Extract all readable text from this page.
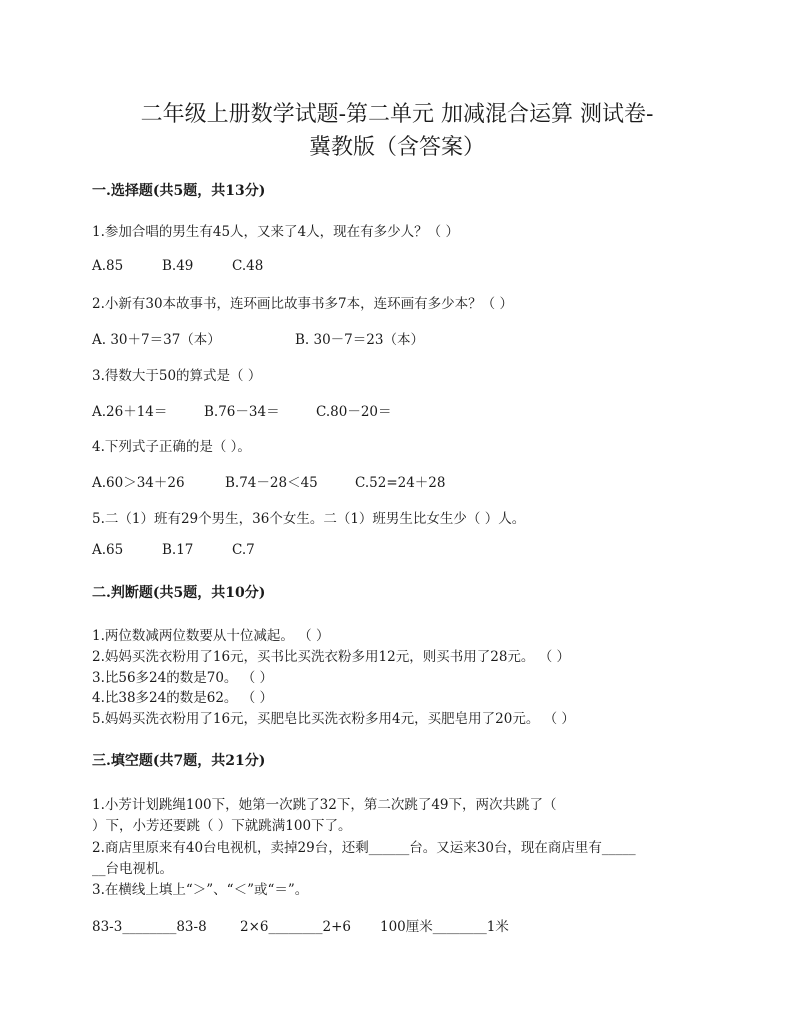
二年级上册数学试题-第二单元 加减混合运算 测试卷-
冀教版（含答案）
一.选择题(共5题，共13分)
1.参加合唱的男生有45人，又来了4人，现在有多少人？（ ）
A.85	B.49	C.48
2.小新有30本故事书，连环画比故事书多7本，连环画有多少本？（ ）
A. 30＋7＝37（本）	B. 30－7＝23（本）
3.得数大于50的算式是（ ）
A.26＋14＝	B.76－34＝	C.80－20＝
4.下列式子正确的是（ ）。
A.60＞34＋26	B.74－28＜45	C.52=24＋28
5.二（1）班有29个男生，36个女生。二（1）班男生比女生少（ ）人。
A.65	B.17	C.7
二.判断题(共5题，共10分)
1.两位数减两位数要从十位减起。 （ ）
2.妈妈买洗衣粉用了16元，买书比买洗衣粉多用12元，则买书用了28元。 （ ）
3.比56多24的数是70。 （ ）
4.比38多24的数是62。 （ ）
5.妈妈买洗衣粉用了16元，买肥皂比买洗衣粉多用4元，买肥皂用了20元。 （ ）
三.填空题(共7题，共21分)
1.小芳计划跳绳100下，她第一次跳了32下，第二次跳了49下，两次共跳了（
）下，小芳还要跳（ ）下就跳满100下了。
2.商店里原来有40台电视机，卖掉29台，还剩______台。又运来30台，现在商店里有_____
__台电视机。
3.在横线上填上“＞”、“＜”或“＝”。
83-3________83-8 2×6________2+6 100厘米________1米
